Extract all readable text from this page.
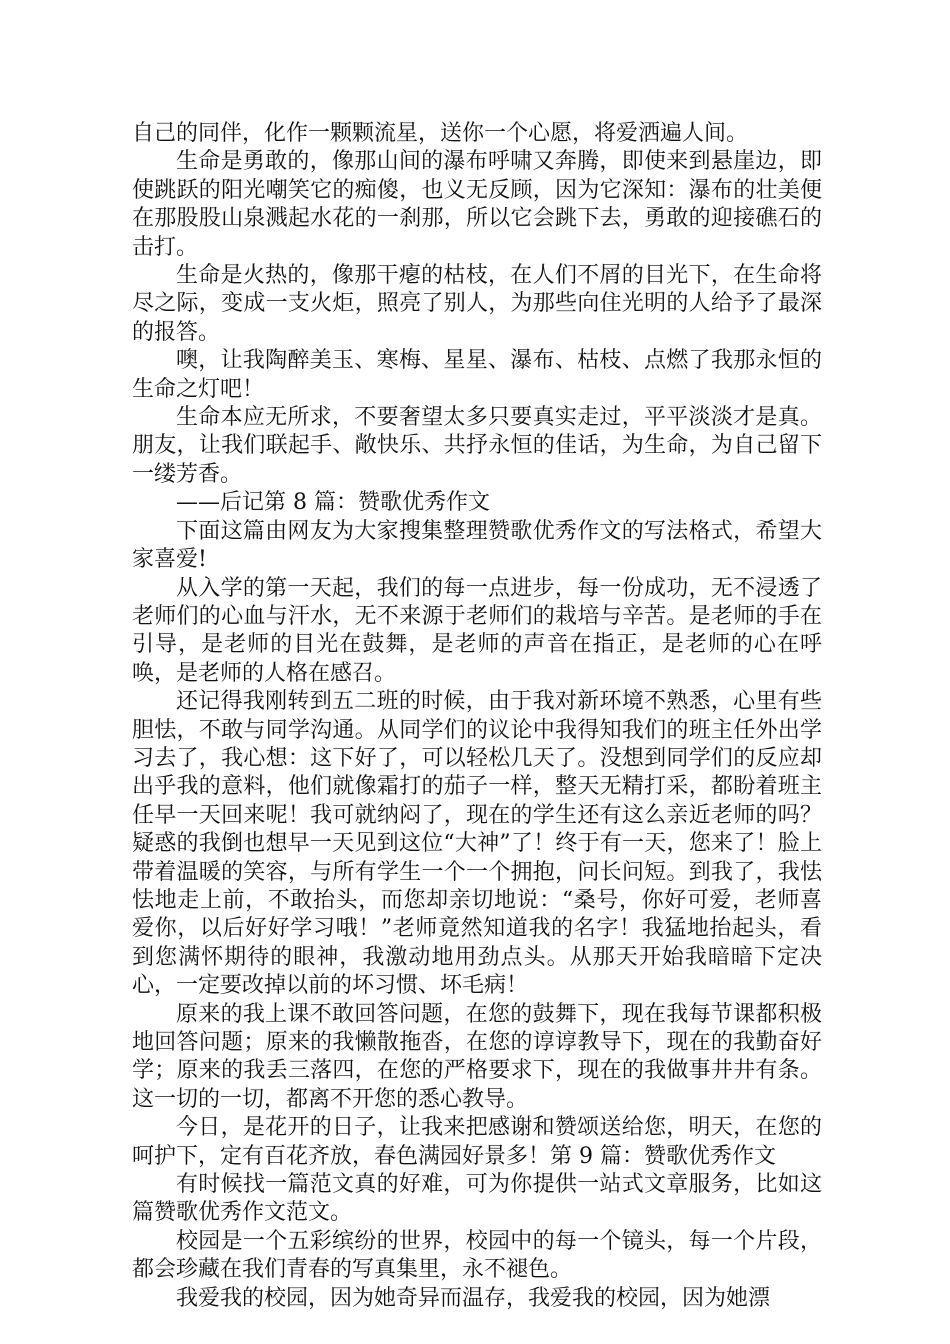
自己的同伴，化作一颗颗流星，送你一个心愿，将爱洒遍人间。

生命是勇敢的，像那山间的瀑布呼啸又奔腾，即使来到悬崖边，即使跳跃的阳光嘲笑它的痴傻，也义无反顾，因为它深知：瀑布的壮美便在那股股山泉溅起水花的一刹那，所以它会跳下去，勇敢的迎接礁石的击打。

生命是火热的，像那干瘪的枯枝，在人们不屑的目光下，在生命将尽之际，变成一支火炬，照亮了别人，为那些向住光明的人给予了最深的报答。

噢，让我陶醉美玉、寒梅、星星、瀑布、枯枝、点燃了我那永恒的生命之灯吧！

生命本应无所求，不要奢望太多只要真实走过，平平淡淡才是真。朋友，让我们联起手、敞快乐、共抒永恒的佳话，为生命，为自己留下一缕芳香。

——后记第 8 篇：赞歌优秀作文

下面这篇由网友为大家搜集整理赞歌优秀作文的写法格式，希望大家喜爱!

从入学的第一天起，我们的每一点进步，每一份成功，无不浸透了老师们的心血与汗水，无不来源于老师们的栽培与辛苦。是老师的手在引导，是老师的目光在鼓舞，是老师的声音在指正，是老师的心在呼唤，是老师的人格在感召。

还记得我刚转到五二班的时候，由于我对新环境不熟悉，心里有些胆怯，不敢与同学沟通。从同学们的议论中我得知我们的班主任外出学习去了，我心想：这下好了，可以轻松几天了。没想到同学们的反应却出乎我的意料，他们就像霜打的茄子一样，整天无精打采，都盼着班主任早一天回来呢！我可就纳闷了，现在的学生还有这么亲近老师的吗？疑惑的我倒也想早一天见到这位“大神”了！终于有一天，您来了！脸上带着温暖的笑容，与所有学生一个一个拥抱，问长问短。到我了，我怯怯地走上前，不敢抬头，而您却亲切地说：“桑号，你好可爱，老师喜爱你，以后好好学习哦！”老师竟然知道我的名字！我猛地抬起头，看到您满怀期待的眼神，我激动地用劲点头。从那天开始我暗暗下定决心，一定要改掉以前的坏习惯、坏毛病！

原来的我上课不敢回答问题，在您的鼓舞下，现在我每节课都积极地回答问题；原来的我懒散拖沓，在您的谆谆教导下，现在的我勤奋好学；原来的我丢三落四，在您的严格要求下，现在的我做事井井有条。这一切的一切，都离不开您的悉心教导。

今日，是花开的日子，让我来把感谢和赞颂送给您，明天，在您的呵护下，定有百花齐放，春色满园好景多！第 9 篇：赞歌优秀作文

有时候找一篇范文真的好难，可为你提供一站式文章服务，比如这篇赞歌优秀作文范文。

校园是一个五彩缤纷的世界，校园中的每一个镜头，每一个片段，都会珍藏在我们青春的写真集里，永不褪色。

我爱我的校园，因为她奇异而温存，我爱我的校园，因为她漂
